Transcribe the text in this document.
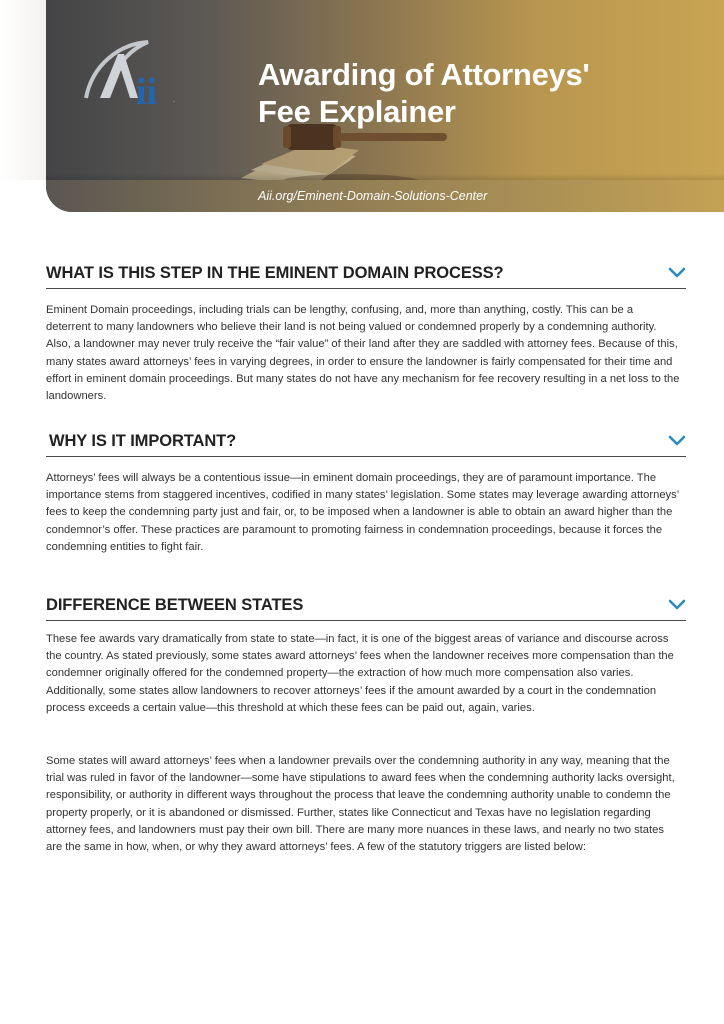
ii .
Awarding of Attorneys'
Fee Explainer
Aii.org/Eminent-Domain-Solutions-Center
WHAT IS THIS STEP IN THE EMINENT DOMAIN PROCESS?

Eminent Domain proceedings, including trials can be lengthy, confusing, and, more than anything, costly. This can be a deterrent to many landowners who believe their land is not being valued or condemned properly by a condemning authority. Also, a landowner may never truly receive the “fair value” of their land after they are saddled with attorney fees. Because of this, many states award attorneys’ fees in varying degrees, in order to ensure the landowner is fairly compensated for their time and effort in eminent domain proceedings. But many states do not have any mechanism for fee recovery resulting in a net loss to the landowners.

WHY IS IT IMPORTANT?

Attorneys’ fees will always be a contentious issue—in eminent domain proceedings, they are of paramount importance. The importance stems from staggered incentives, codified in many states’ legislation. Some states may leverage awarding attorneys’ fees to keep the condemning party just and fair, or, to be imposed when a landowner is able to obtain an award higher than the condemnor’s offer. These practices are paramount to promoting fairness in condemnation proceedings, because it forces the condemning entities to fight fair.

DIFFERENCE BETWEEN STATES

These fee awards vary dramatically from state to state—in fact, it is one of the biggest areas of variance and discourse across the country. As stated previously, some states award attorneys’ fees when the landowner receives more compensation than the condemner originally offered for the condemned property—the extraction of how much more compensation also varies. Additionally, some states allow landowners to recover attorneys’ fees if the amount awarded by a court in the condemnation process exceeds a certain value—this threshold at which these fees can be paid out, again, varies.

Some states will award attorneys’ fees when a landowner prevails over the condemning authority in any way, meaning that the trial was ruled in favor of the landowner—some have stipulations to award fees when the condemning authority lacks oversight, responsibility, or authority in different ways throughout the process that leave the condemning authority unable to condemn the property properly, or it is abandoned or dismissed. Further, states like Connecticut and Texas have no legislation regarding attorney fees, and landowners must pay their own bill. There are many more nuances in these laws, and nearly no two states are the same in how, when, or why they award attorneys’ fees. A few of the statutory triggers are listed below:
